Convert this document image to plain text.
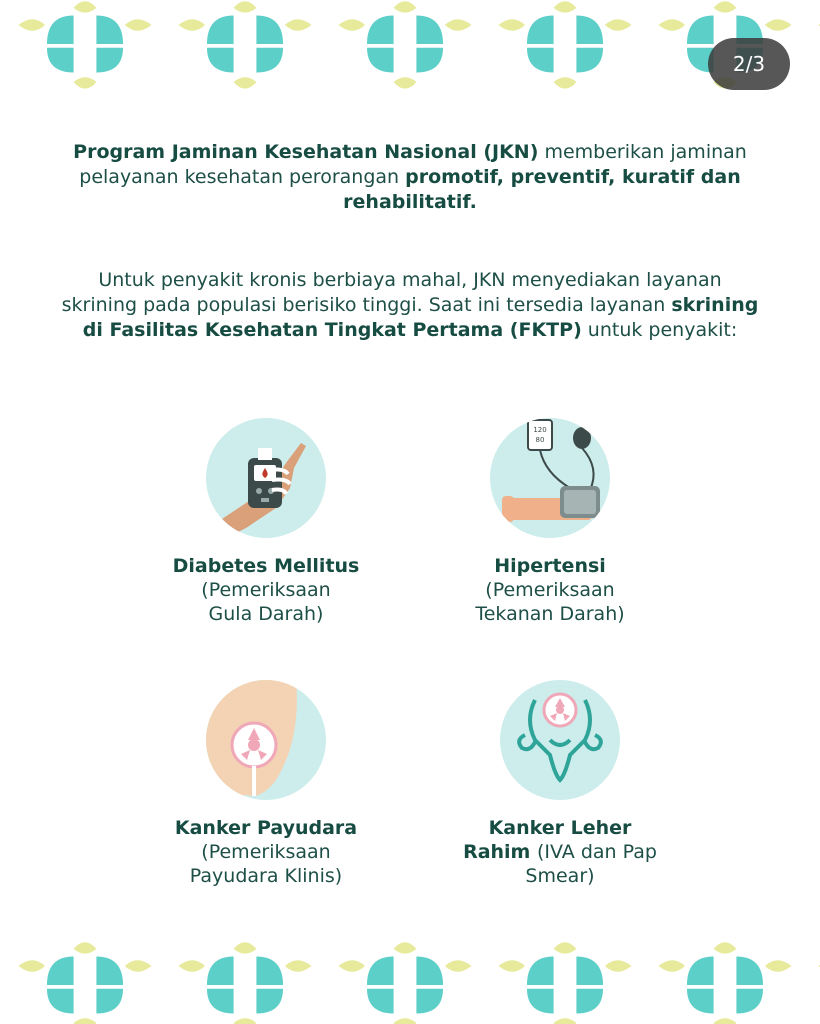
2/3
Program Jaminan Kesehatan Nasional (JKN) memberikan jaminan pelayanan kesehatan perorangan promotif, preventif, kuratif dan rehabilitatif.
Untuk penyakit kronis berbiaya mahal, JKN menyediakan layanan skrining pada populasi berisiko tinggi. Saat ini tersedia layanan skrining di Fasilitas Kesehatan Tingkat Pertama (FKTP) untuk penyakit:
Diabetes Mellitus
(Pemeriksaan Gula Darah)
120
80
Hipertensi
(Pemeriksaan Tekanan Darah)
Kanker Payudara
(Pemeriksaan Payudara Klinis)
Kanker Leher
Rahim (IVA dan Pap Smear)
